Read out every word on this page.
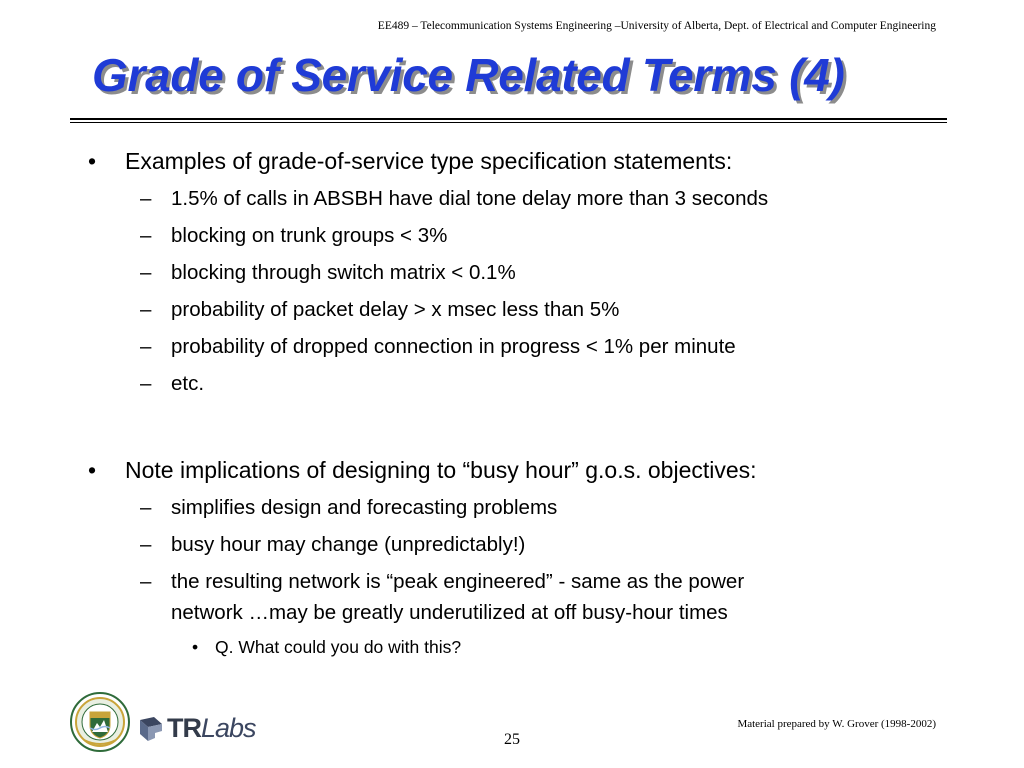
EE489 – Telecommunication Systems Engineering –University of Alberta, Dept. of Electrical and Computer Engineering
Grade of Service Related Terms (4)
• Examples of grade-of-service type specification statements:
– 1.5% of calls in ABSBH have dial tone delay more than 3 seconds
– blocking on trunk groups < 3%
– blocking through switch matrix < 0.1%
– probability of packet delay > x msec less than 5%
– probability of dropped connection in progress < 1% per minute
– etc.
• Note implications of designing to “busy hour” g.o.s. objectives:
– simplifies design and forecasting problems
– busy hour may change (unpredictably!)
– the resulting network is “peak engineered” - same as the power
network …may be greatly underutilized at off busy-hour times
• Q. What could you do with this?
TRLabs	Material prepared by W. Grover (1998-2002)
25
